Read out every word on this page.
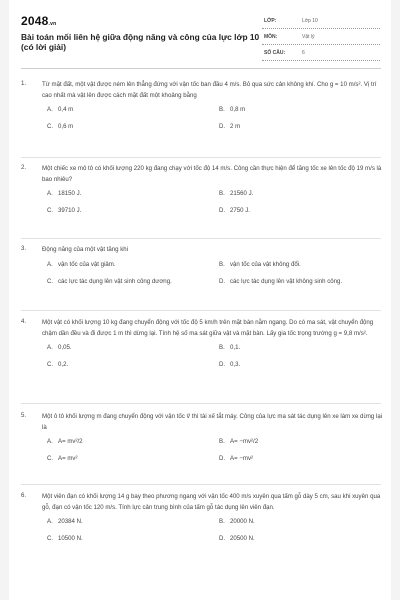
2048.vn
Bài toán mối liên hệ giữa động năng và công của lực lớp 10 (có lời giải)
LỚP:	Lớp 10
MÔN:	Vật lý
SỐ CÂU:	6
1.	Từ mặt đất, một vật được ném lên thẳng đứng với vận tốc ban đầu 4 m/s. Bỏ qua sức cản không khí. Cho g = 10 m/s². Vị trí cao nhất mà vật lên được cách mặt đất một khoảng bằng
A. 0,4 m	B. 0,8 m
C. 0,6 m	D. 2 m
2.	Một chiếc xe mô tô có khối lượng 220 kg đang chạy với tốc độ 14 m/s. Công cần thực hiện để tăng tốc xe lên tốc độ 19 m/s là bao nhiêu?
A. 18150 J.	B. 21560 J.
C. 39710 J.	D. 2750 J.
3.	Động năng của một vật tăng khi
A. vận tốc của vật giảm.	B. vận tốc của vật không đổi.
C. các lực tác dụng lên vật sinh công dương.	D. các lực tác dụng lên vật không sinh công.
4.	Một vật có khối lượng 10 kg đang chuyển động với tốc độ 5 km/h trên mặt bàn nằm ngang. Do có ma sát, vật chuyển động chậm dần đều và đi được 1 m thì dừng lại. Tính hệ số ma sát giữa vật và mặt bàn. Lấy gia tốc trọng trường g = 9,8 m/s².
A. 0,05.	B. 0,1.
C. 0,2.	D. 0,3.
5.	Một ô tô khối lượng m đang chuyển động với vận tốc v⃗ thì tài xế tắt máy. Công của lực ma sát tác dụng lên xe làm xe dừng lại là
A. A= mv²/2	B. A= −mv²/2
C. A= mv²	D. A= −mv²
6.	Một viên đạn có khối lượng 14 g bay theo phương ngang với vận tốc 400 m/s xuyên qua tấm gỗ dày 5 cm, sau khi xuyên qua gỗ, đạn có vận tốc 120 m/s. Tính lực cản trung bình của tấm gỗ tác dụng lên viên đạn.
A. 20384 N.	B. 20000 N.
C. 10500 N.	D. 20500 N.
